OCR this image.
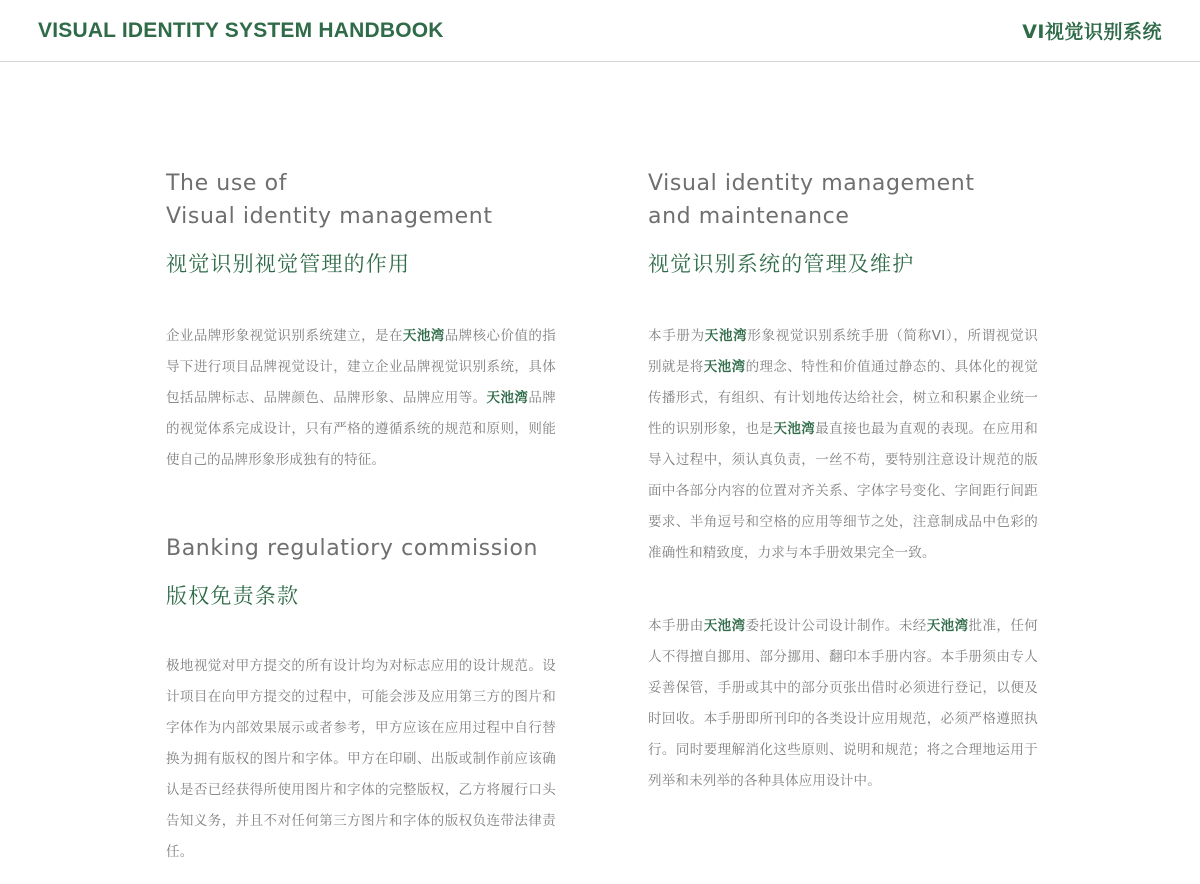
VISUAL IDENTITY SYSTEM HANDBOOK	VI视觉识别系统
The use of
Visual identity management
视觉识别视觉管理的作用
企业品牌形象视觉识别系统建立，是在天池湾品牌核心价值的指导下进行项目品牌视觉设计，建立企业品牌视觉识别系统，具体包括品牌标志、品牌颜色、品牌形象、品牌应用等。天池湾品牌的视觉体系完成设计，只有严格的遵循系统的规范和原则，则能使自己的品牌形象形成独有的特征。
Banking regulatiory commission
版权免责条款
极地视觉对甲方提交的所有设计均为对标志应用的设计规范。设计项目在向甲方提交的过程中，可能会涉及应用第三方的图片和字体作为内部效果展示或者参考，甲方应该在应用过程中自行替换为拥有版权的图片和字体。甲方在印刷、出版或制作前应该确认是否已经获得所使用图片和字体的完整版权，乙方将履行口头告知义务，并且不对任何第三方图片和字体的版权负连带法律责任。
Visual identity management
and maintenance
视觉识别系统的管理及维护
本手册为天池湾形象视觉识别系统手册（简称VI），所谓视觉识别就是将天池湾的理念、特性和价值通过静态的、具体化的视觉传播形式，有组织、有计划地传达给社会，树立和积累企业统一性的识别形象，也是天池湾最直接也最为直观的表现。在应用和导入过程中，须认真负责，一丝不苟，要特别注意设计规范的版面中各部分内容的位置对齐关系、字体字号变化、字间距行间距要求、半角逗号和空格的应用等细节之处，注意制成品中色彩的准确性和精致度，力求与本手册效果完全一致。
本手册由天池湾委托设计公司设计制作。未经天池湾批准，任何人不得擅自挪用、部分挪用、翻印本手册内容。本手册须由专人妥善保管，手册或其中的部分页张出借时必须进行登记，以便及时回收。本手册即所刊印的各类设计应用规范，必须严格遵照执行。同时要理解消化这些原则、说明和规范；将之合理地运用于列举和未列举的各种具体应用设计中。
